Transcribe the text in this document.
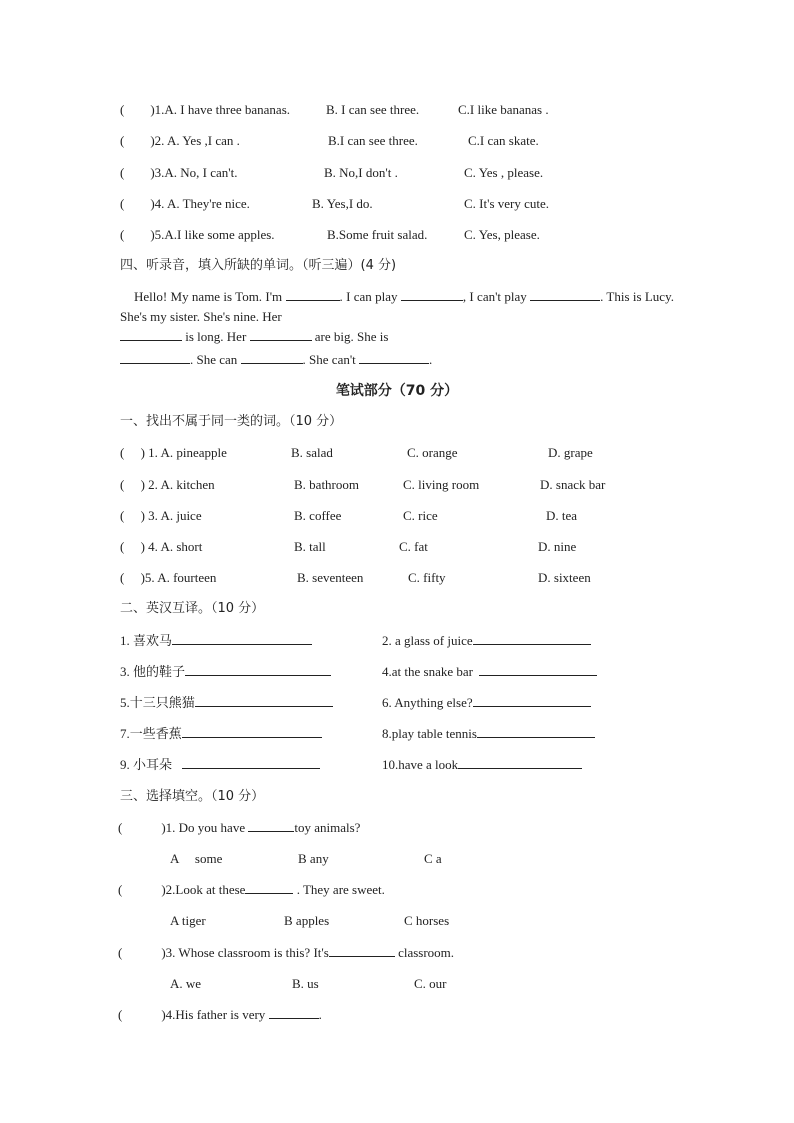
(　　)1.A. I have three bananas.	B. I can see three.	C.I like bananas .
(　　)2. A. Yes ,I can .	B.I can see three.	C.I can skate.
(　　)3.A. No, I can't.	B. No,I don't .	C. Yes , please.
(　　)4. A. They're nice.	B. Yes,I do.	C. It's very cute.
(　　)5.A.I like some apples.	B.Some fruit salad.	C. Yes, please.
四、听录音，填入所缺的单词。（听三遍）(4 分)
Hello! My name is Tom. I'm	. I can play	, I can't play	. This is Lucy. She's my sister. She's nine. Her
is long. Her	are big. She is
. She can	. She can't	.
笔试部分（70 分）
一、找出不属于同一类的词。（10 分）
(　 ) 1. A. pineapple	B. salad	C. orange	D. grape
(　 ) 2. A. kitchen	B. bathroom	C. living room	D. snack bar
(　 ) 3. A. juice	B. coffee	C. rice	D. tea
(　 ) 4. A. short	B. tall	C. fat	D. nine
(　 )5. A. fourteen	B. seventeen	C. fifty	D. sixteen
二、英汉互译。（10 分）
1. 喜欢马	2. a glass of juice
3. 他的鞋子	4.at the snake bar
5.十三只熊猫	6. Anything else?
7.一些香蕉	8.play table tennis
9. 小耳朵	10.have a look
三、选择填空。（10 分）
(　　　)1. Do you have	toy animals?
A　 some	B any	C a
(　　　)2.Look at these	. They are sweet.
A tiger	B apples	C horses
(　　　)3. Whose classroom is this? It's	classroom.
A. we	B. us	C. our
(　　　)4.His father is very	.
